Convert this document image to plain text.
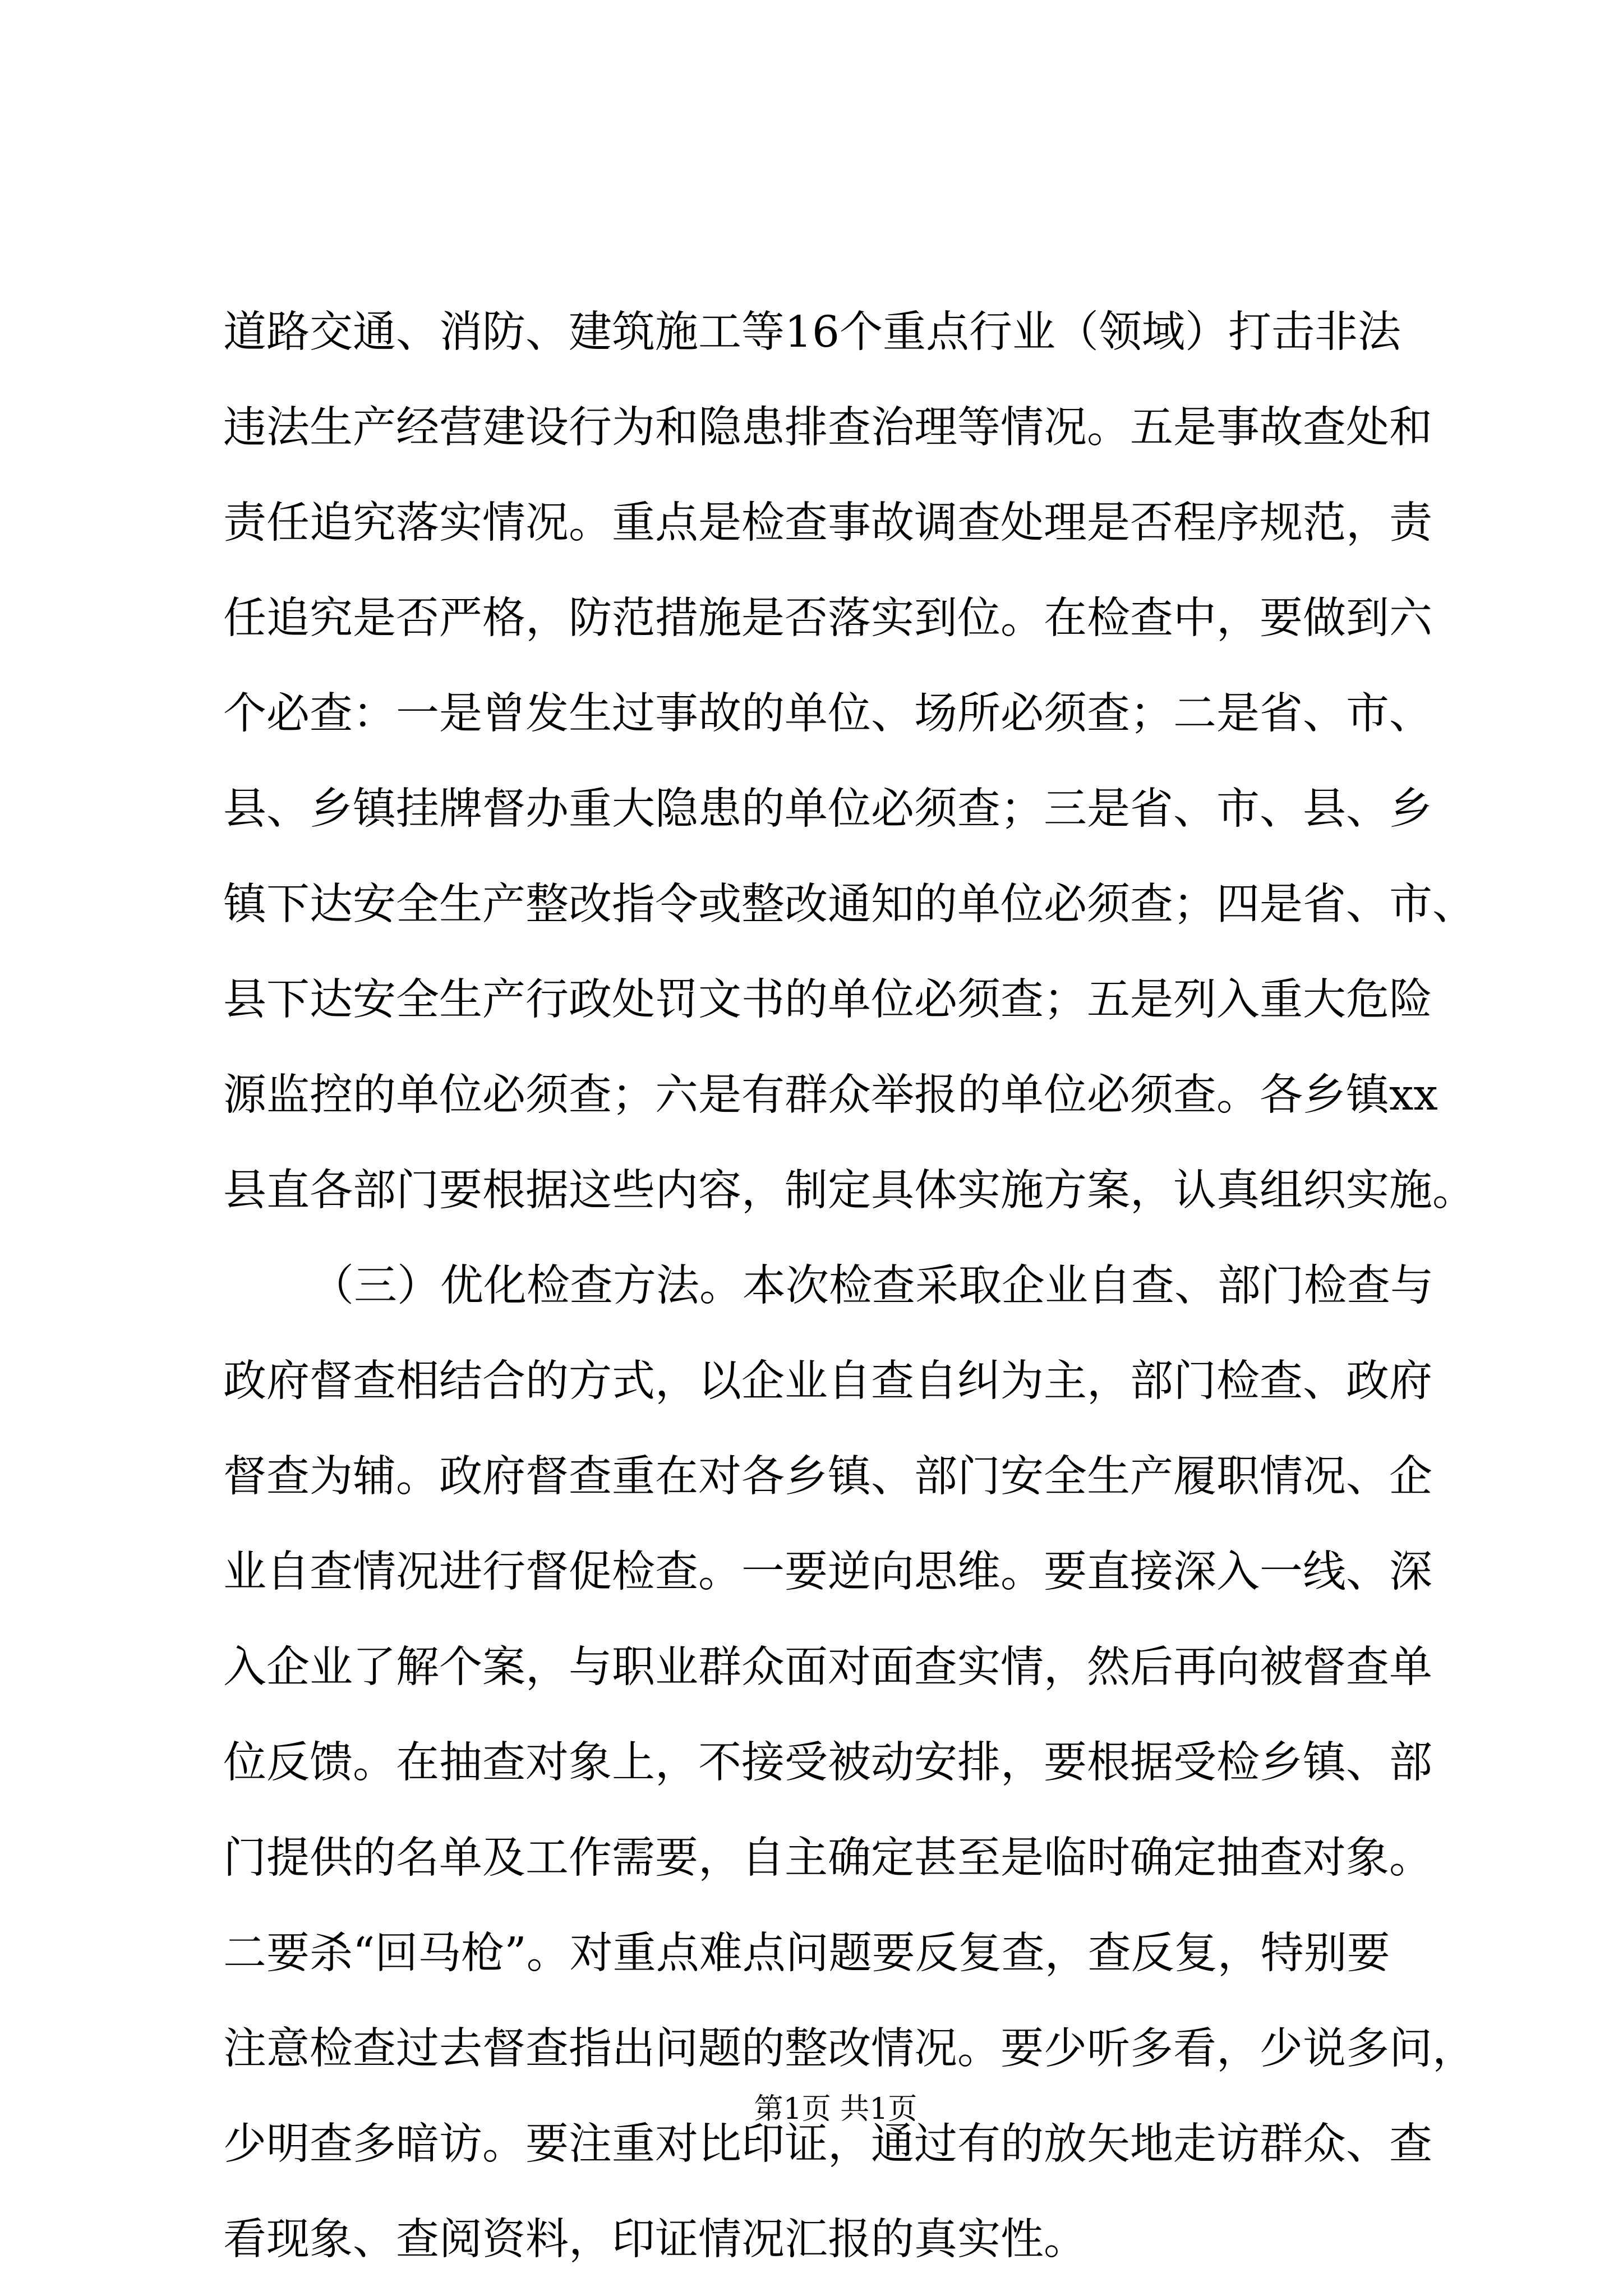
道路交通、消防、建筑施工等16个重点行业（领域）打击非法
违法生产经营建设行为和隐患排查治理等情况。五是事故查处和
责任追究落实情况。重点是检查事故调查处理是否程序规范，责
任追究是否严格，防范措施是否落实到位。在检查中，要做到六
个必查：一是曾发生过事故的单位、场所必须查；二是省、市、
县、乡镇挂牌督办重大隐患的单位必须查；三是省、市、县、乡
镇下达安全生产整改指令或整改通知的单位必须查；四是省、市、
县下达安全生产行政处罚文书的单位必须查；五是列入重大危险
源监控的单位必须查；六是有群众举报的单位必须查。各乡镇xx
县直各部门要根据这些内容，制定具体实施方案，认真组织实施。
（三）优化检查方法。本次检查采取企业自查、部门检查与
政府督查相结合的方式，以企业自查自纠为主，部门检查、政府
督查为辅。政府督查重在对各乡镇、部门安全生产履职情况、企
业自查情况进行督促检查。一要逆向思维。要直接深入一线、深
入企业了解个案，与职业群众面对面查实情，然后再向被督查单
位反馈。在抽查对象上，不接受被动安排，要根据受检乡镇、部
门提供的名单及工作需要，自主确定甚至是临时确定抽查对象。
二要杀“回马枪”。对重点难点问题要反复查，查反复，特别要
注意检查过去督查指出问题的整改情况。要少听多看，少说多问，
少明查多暗访。要注重对比印证，通过有的放矢地走访群众、查
看现象、查阅资料，印证情况汇报的真实性。
第1页 共1页
